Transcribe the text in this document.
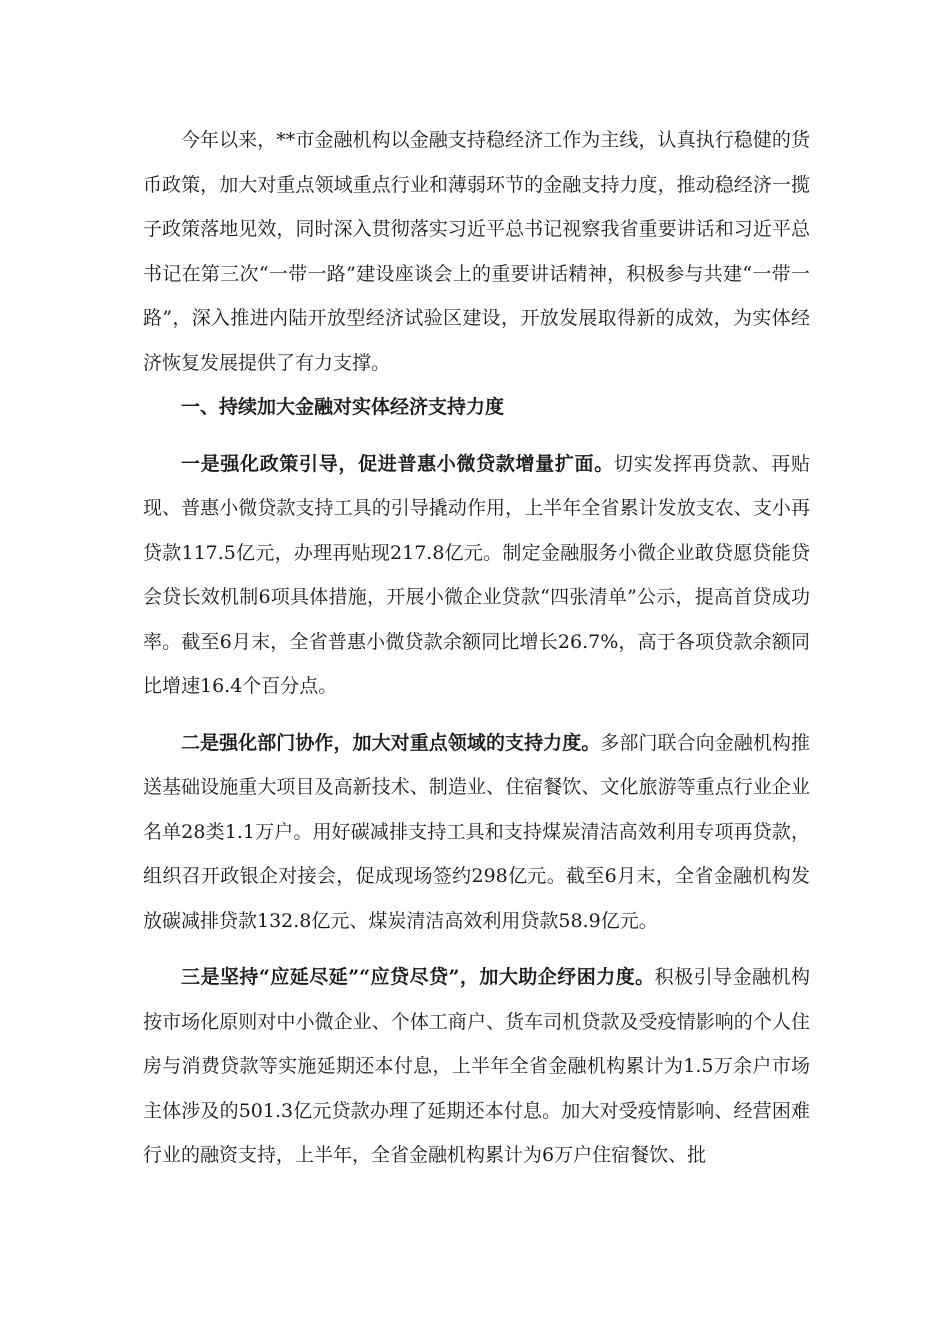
今年以来，**市金融机构以金融支持稳经济工作为主线，认真执行稳健的货币政策，加大对重点领域重点行业和薄弱环节的金融支持力度，推动稳经济一揽子政策落地见效，同时深入贯彻落实习近平总书记视察我省重要讲话和习近平总书记在第三次“一带一路”建设座谈会上的重要讲话精神，积极参与共建“一带一路”，深入推进内陆开放型经济试验区建设，开放发展取得新的成效，为实体经济恢复发展提供了有力支撑。

一、持续加大金融对实体经济支持力度

一是强化政策引导，促进普惠小微贷款增量扩面。切实发挥再贷款、再贴现、普惠小微贷款支持工具的引导撬动作用，上半年全省累计发放支农、支小再贷款117.5亿元，办理再贴现217.8亿元。制定金融服务小微企业敢贷愿贷能贷会贷长效机制6项具体措施，开展小微企业贷款“四张清单”公示，提高首贷成功率。截至6月末，全省普惠小微贷款余额同比增长26.7%，高于各项贷款余额同比增速16.4个百分点。

二是强化部门协作，加大对重点领域的支持力度。多部门联合向金融机构推送基础设施重大项目及高新技术、制造业、住宿餐饮、文化旅游等重点行业企业名单28类1.1万户。用好碳减排支持工具和支持煤炭清洁高效利用专项再贷款，组织召开政银企对接会，促成现场签约298亿元。截至6月末，全省金融机构发放碳减排贷款132.8亿元、煤炭清洁高效利用贷款58.9亿元。

三是坚持“应延尽延”“应贷尽贷”，加大助企纾困力度。积极引导金融机构按市场化原则对中小微企业、个体工商户、货车司机贷款及受疫情影响的个人住房与消费贷款等实施延期还本付息，上半年全省金融机构累计为1.5万余户市场主体涉及的501.3亿元贷款办理了延期还本付息。加大对受疫情影响、经营困难行业的融资支持，上半年，全省金融机构累计为6万户住宿餐饮、批
